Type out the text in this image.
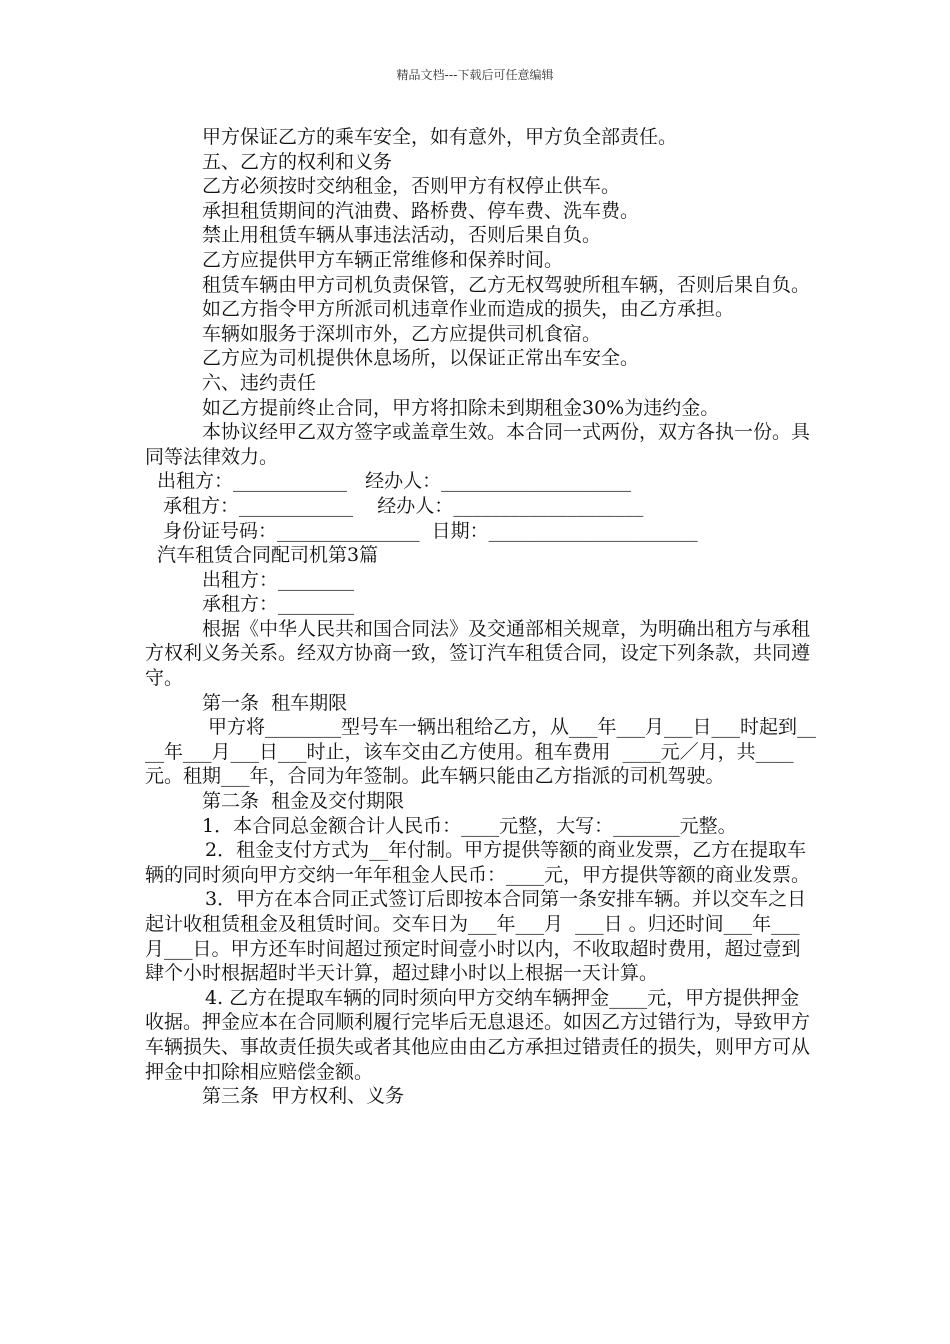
精品文档---下载后可任意编辑

甲方保证乙方的乘车安全，如有意外，甲方负全部责任。

五、乙方的权利和义务

乙方必须按时交纳租金，否则甲方有权停止供车。

承担租赁期间的汽油费、路桥费、停车费、洗车费。

禁止用租赁车辆从事违法活动，否则后果自负。

乙方应提供甲方车辆正常维修和保养时间。

租赁车辆由甲方司机负责保管，乙方无权驾驶所租车辆，否则后果自负。

如乙方指令甲方所派司机违章作业而造成的损失，由乙方承担。

车辆如服务于深圳市外，乙方应提供司机食宿。

乙方应为司机提供休息场所，以保证正常出车安全。

六、违约责任

如乙方提前终止合同，甲方将扣除未到期租金30%为违约金。

本协议经甲乙双方签字或盖章生效。本合同一式两份，双方各执一份。具同等法律效力。

出租方：____________   经办人：____________________

承租方：____________    经办人：____________________

身份证号码：_______________  日期：______________________

汽车租赁合同配司机第3篇

出租方：________

承租方：________

根据《中华人民共和国合同法》及交通部相关规章，为明确出租方与承租方权利义务关系。经双方协商一致，签订汽车租赁合同，设定下列条款，共同遵守。

第一条  租车期限

甲方将________型号车一辆出租给乙方，从___年___月___日___时起到____年___月___日___时止，该车交由乙方使用。租车费用  ____元／月，共____元。租期___年，合同为年签制。此车辆只能由乙方指派的司机驾驶。

第二条  租金及交付期限

1．本合同总金额合计人民币：____元整，大写：_______元整。

2．租金支付方式为__年付制。甲方提供等额的商业发票，乙方在提取车辆的同时须向甲方交纳一年年租金人民币：____元，甲方提供等额的商业发票。

3．甲方在本合同正式签订后即按本合同第一条安排车辆。并以交车之日起计收租赁租金及租赁时间。交车日为___年___月  ___日 。归还时间___年___月___日。甲方还车时间超过预定时间壹小时以内，不收取超时费用，超过壹到肆个小时根据超时半天计算，超过肆小时以上根据一天计算。

4. 乙方在提取车辆的同时须向甲方交纳车辆押金____元，甲方提供押金收据。押金应本在合同顺利履行完毕后无息退还。如因乙方过错行为，导致甲方车辆损失、事故责任损失或者其他应由由乙方承担过错责任的损失，则甲方可从押金中扣除相应赔偿金额。

第三条  甲方权利、义务
